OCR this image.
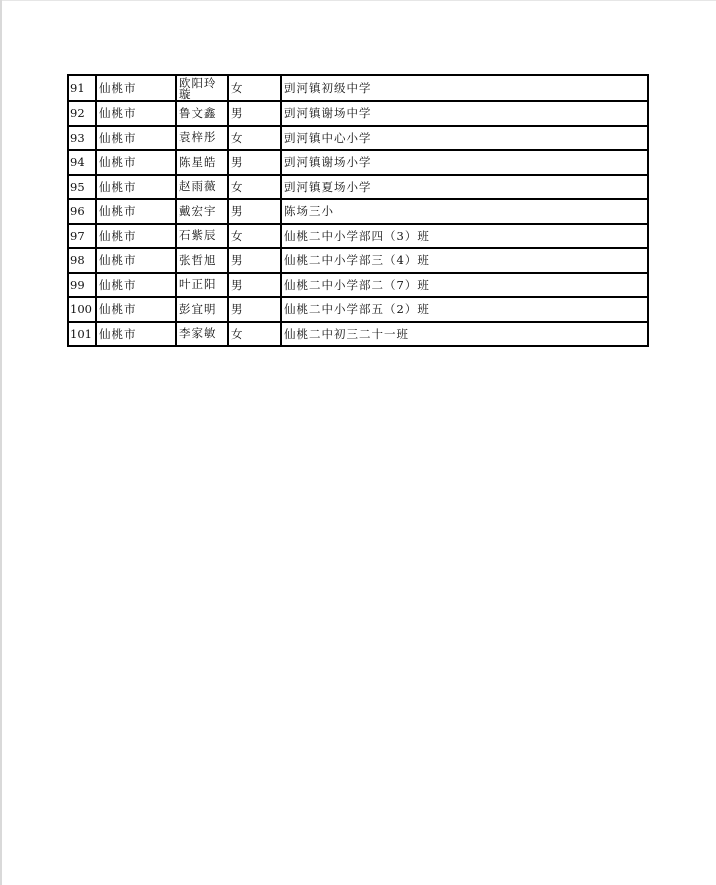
91	仙桃市	欧阳玲璇	女	剅河镇初级中学
92	仙桃市	鲁文鑫	男	剅河镇谢场中学
93	仙桃市	袁梓彤	女	剅河镇中心小学
94	仙桃市	陈星皓	男	剅河镇谢场小学
95	仙桃市	赵雨薇	女	剅河镇夏场小学
96	仙桃市	戴宏宇	男	陈场三小
97	仙桃市	石紫辰	女	仙桃二中小学部四（3）班
98	仙桃市	张哲旭	男	仙桃二中小学部三（4）班
99	仙桃市	叶正阳	男	仙桃二中小学部二（7）班
100	仙桃市	彭宜明	男	仙桃二中小学部五（2）班
101	仙桃市	李家敏	女	仙桃二中初三二十一班
